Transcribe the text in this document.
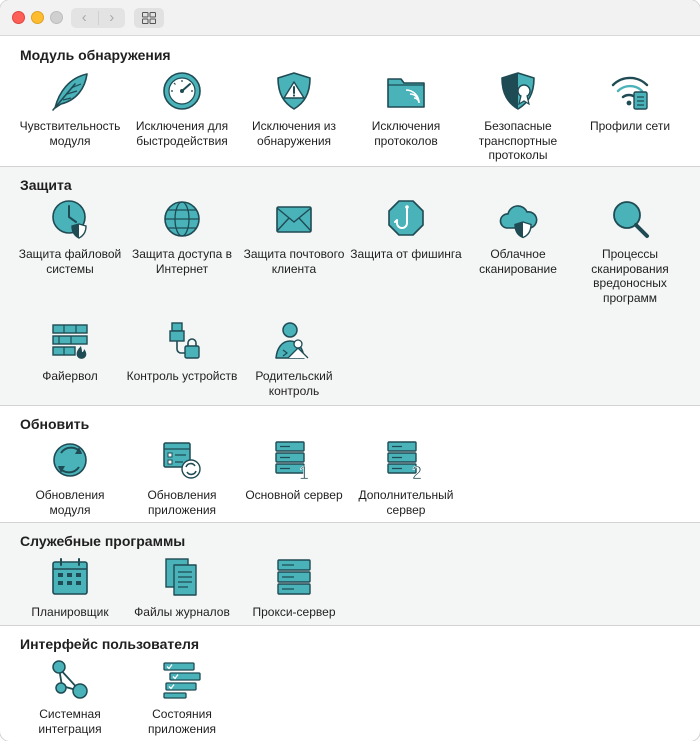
‹	›
Модуль обнаружения
Чувствительность модуля
Исключения для быстродействия
Исключения из обнаружения
Исключения протоколов
Безопасные транспортные протоколы
Профили сети
Защита
Защита файловой системы
Защита доступа в Интернет
Защита почтового клиента
Защита от фишинга	Облачное сканирование
Процессы сканирования вредоносных программ
Файервол	Контроль устройств	Родительский контроль
Обновить
Обновления модуля
Обновления приложения
1
Основной сервер
2
Дополнительный сервер
Служебные программы
Планировщик	Файлы журналов	Прокси-сервер
Интерфейс пользователя
Системная интеграция
Состояния приложения
